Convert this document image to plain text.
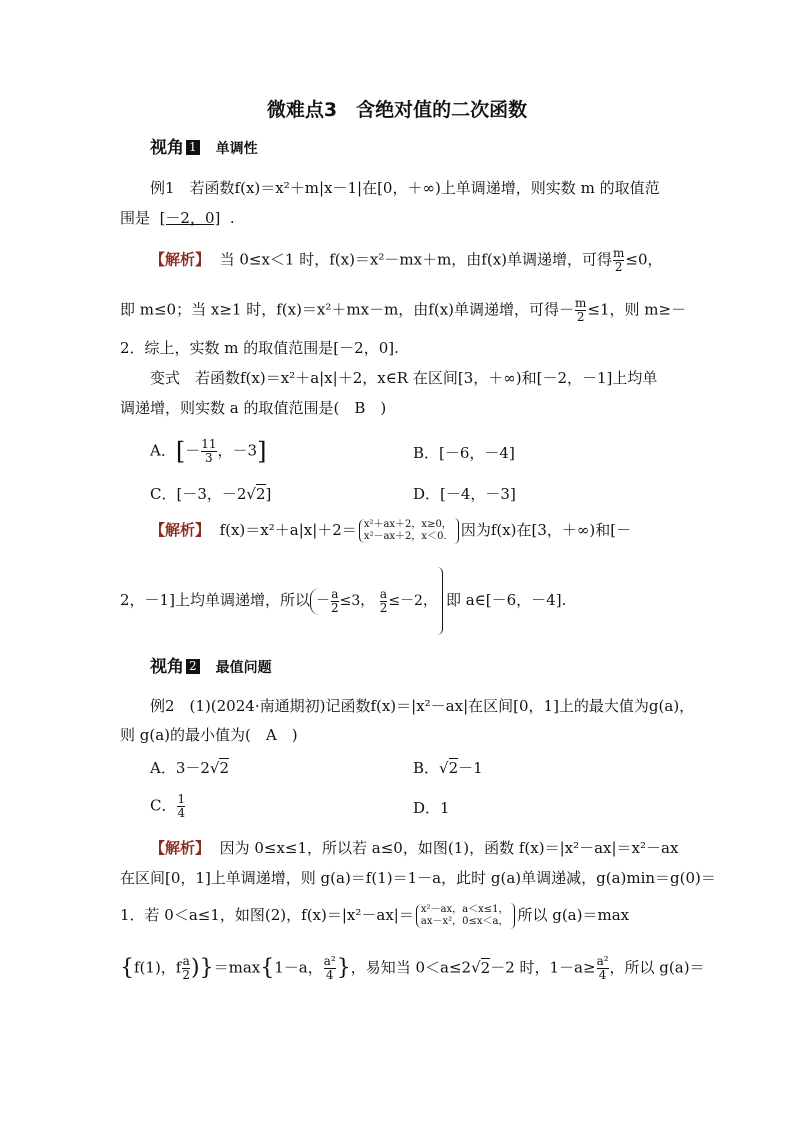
微难点3　含绝对值的二次函数
视角 1 单调性
例1　若函数f(x)＝x²＋m|x－1|在[0，＋∞)上单调递增，则实数 m 的取值范
围是 [－2，0] .
【解析】 当 0≤x＜1 时，f(x)＝x²－mx＋m，由f(x)单调递增，可得 $\frac{m}{2} \le 0$，
即 m≤0；当 x≥1 时，f(x)＝x²＋mx－m，由f(x)单调递增，可得－ $\frac{m}{2} \le 1$，则 m≥－
2．综上，实数 m 的取值范围是[－2，0].
变式　若函数f(x)＝x²＋a|x|＋2，x∈R 在区间[3，＋∞)和[－2，－1]上均单
调递增，则实数 a 的取值范围是(　B　)
A．[－ $\frac{11}{3}$ ，－3]	B．[－6，－4]
C．[－3，－2√2]	D．[－4，－3]
【解析】 f(x)＝x²＋a|x|＋2＝ x²＋ax＋2，x≥0，
x²－ax＋2，x＜0. 因为f(x)在[3，＋∞)和[－
2，－1]上均单调递增，所以 － $\frac{a}{2} \le 3$， $\frac{a}{2} \le-2$， 即 a∈[－6，－4].
视角 2 最值问题
例2　(1)(2024·南通期初)记函数f(x)＝|x²－ax|在区间[0，1]上的最大值为g(a)，
则 g(a)的最小值为(　A　)
A．3－2√2	B．√2－1
C． $\frac{1}{4}$	D．1
【解析】 因为 0≤x≤1，所以若 a≤0，如图(1)，函数 f(x)＝|x²－ax|＝x²－ax
在区间[0，1]上单调递增，则 g(a)＝f(1)＝1－a，此时 g(a)单调递减，g(a)min＝g(0)＝
1．若 0＜a≤1，如图(2)，f(x)＝|x²－ax|＝ x²－ax，a＜x≤1，
ax－x²，0≤x＜a， 所以 g(a)＝max
{f(1)，f $\frac{a}{2} )\}=\max\{1-a$， $\frac{\text{a²}}{4}$ }，易知当 0＜a≤2√2－2 时，$1-a\ge \frac{\text{a²}}{4}$ ，所以 g(a)＝
